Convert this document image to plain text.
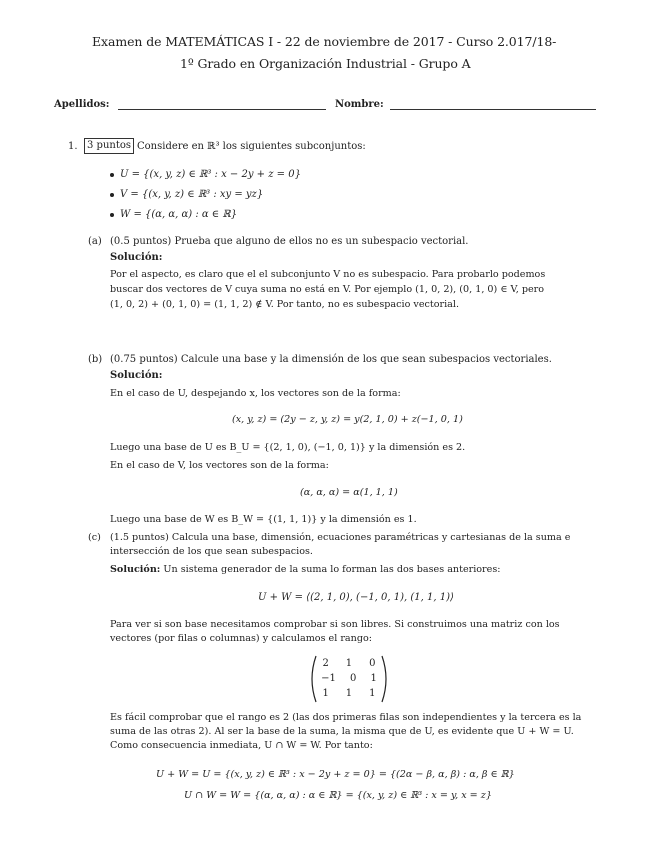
Examen de MATEMÁTICAS I - 22 de noviembre de 2017 - Curso 2.017/18-
1º Grado en Organización Industrial - Grupo A
Apellidos:	Nombre:
1. 3 puntos Considere en ℝ³ los siguientes subconjuntos:
U = {(x, y, z) ∈ ℝ³ : x − 2y + z = 0}
V = {(x, y, z) ∈ ℝ³ : xy = yz}
W = {(α, α, α) : α ∈ ℝ}
(a) (0.5 puntos) Prueba que alguno de ellos no es un subespacio vectorial.
Solución:
Por el aspecto, es claro que el el subconjunto V no es subespacio. Para probarlo podemos
buscar dos vectores de V cuya suma no está en V. Por ejemplo (1, 0, 2), (0, 1, 0) ∈ V, pero
(1, 0, 2) + (0, 1, 0) = (1, 1, 2) ∉ V. Por tanto, no es subespacio vectorial.
(b) (0.75 puntos) Calcule una base y la dimensión de los que sean subespacios vectoriales.
Solución:
En el caso de U, despejando x, los vectores son de la forma:
(x, y, z) = (2y − z, y, z) = y(2, 1, 0) + z(−1, 0, 1)
Luego una base de U es B_U = {(2, 1, 0), (−1, 0, 1)} y la dimensión es 2.
En el caso de V, los vectores son de la forma:
(α, α, α) = α(1, 1, 1)
Luego una base de W es B_W = {(1, 1, 1)} y la dimensión es 1.
(c) (1.5 puntos) Calcula una base, dimensión, ecuaciones paramétricas y cartesianas de la suma e
intersección de los que sean subespacios.
Solución: Un sistema generador de la suma lo forman las dos bases anteriores:
U + W = ⟨(2, 1, 0), (−1, 0, 1), (1, 1, 1)⟩
Para ver si son base necesitamos comprobar si son libres. Si construimos una matriz con los
vectores (por filas o columnas) y calculamos el rango:
2 1 0
−1 0 1
1 1 1
Es fácil comprobar que el rango es 2 (las dos primeras filas son independientes y la tercera es la
suma de las otras 2). Al ser la base de la suma, la misma que de U, es evidente que U + W = U.
Como consecuencia inmediata, U ∩ W = W. Por tanto:
U + W = U = {(x, y, z) ∈ ℝ³ : x − 2y + z = 0} = {(2α − β, α, β) : α, β ∈ ℝ}
U ∩ W = W = {(α, α, α) : α ∈ ℝ} = {(x, y, z) ∈ ℝ³ : x = y, x = z}
